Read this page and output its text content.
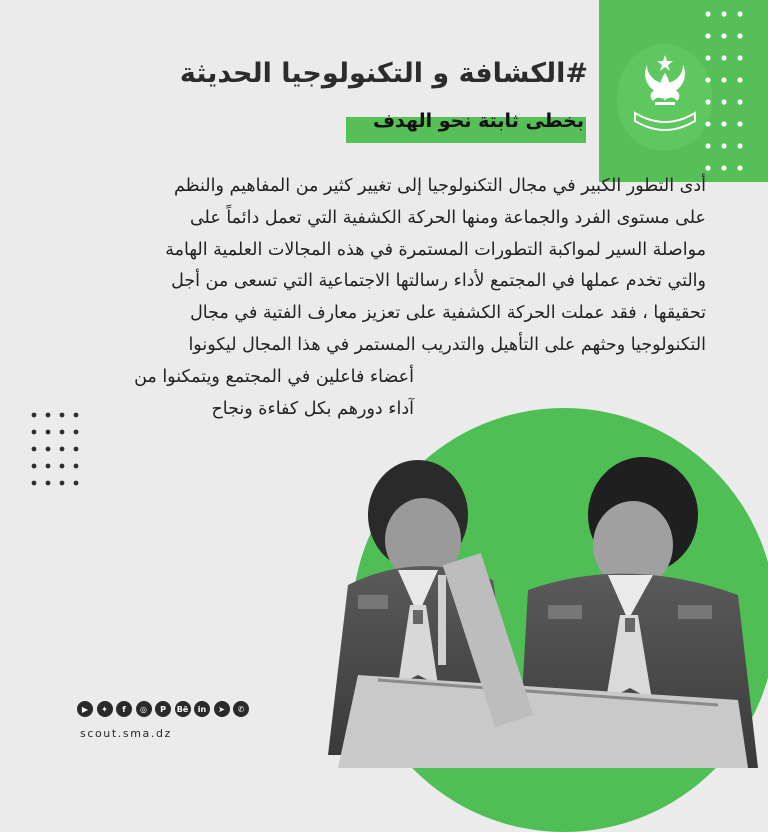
#الكشافة و التكنولوجيا الحديثة
بخطى ثابتة نحو الهدف
أدى التطور الكبير في مجال التكنولوجيا إلى تغيير كثير من المفاهيم والنظم
على مستوى الفرد والجماعة ومنها الحركة الكشفية التي تعمل دائماً على
مواصلة السير لمواكبة التطورات المستمرة في هذه المجالات العلمية الهامة
والتي تخدم عملها في المجتمع لأداء رسالتها الاجتماعية التي تسعى من أجل
تحقيقها ، فقد عملت الحركة الكشفية على تعزيز معارف الفتية في مجال
التكنولوجيا وحثهم على التأهيل والتدريب المستمر في هذا المجال ليكونوا
أعضاء فاعلين في المجتمع ويتمكنوا من
آداء دورهم بكل كفاءة ونجاح
▶	✦	f	◎	P	Bē	in	➤	✆
scout.sma.dz
